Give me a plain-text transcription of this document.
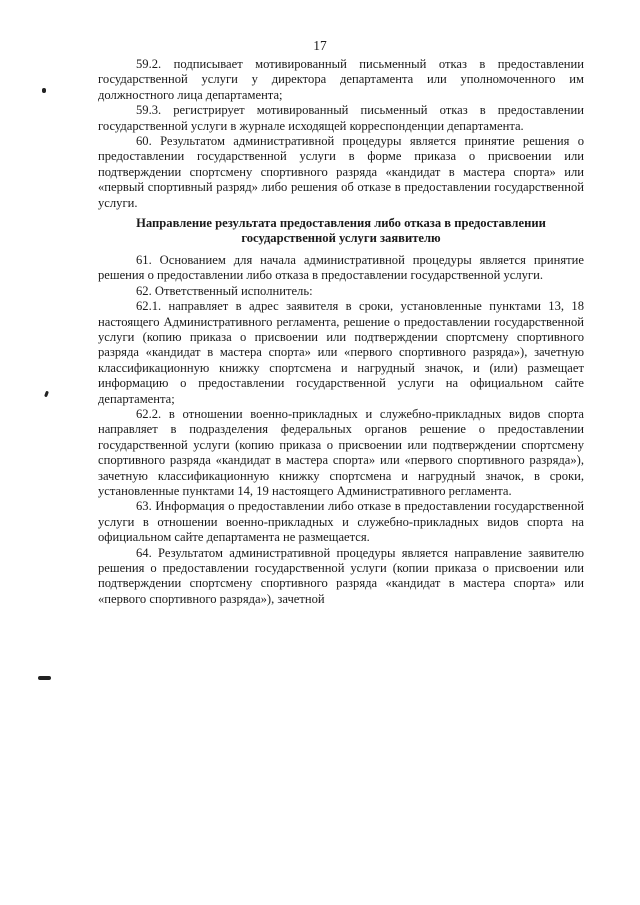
17

59.2. подписывает мотивированный письменный отказ в предоставлении государственной услуги у директора департамента или уполномоченного им должностного лица департамента;

59.3. регистрирует мотивированный письменный отказ в предоставлении государственной услуги в журнале исходящей корреспонденции департамента.

60. Результатом административной процедуры является принятие решения о предоставлении государственной услуги в форме приказа о присвоении или подтверждении спортсмену спортивного разряда «кандидат в мастера спорта» или «первый спортивный разряд» либо решения об отказе в предоставлении государственной услуги.

Направление результата предоставления либо отказа в предоставлении государственной услуги заявителю

61. Основанием для начала административной процедуры является принятие решения о предоставлении либо отказа в предоставлении государственной услуги.

62. Ответственный исполнитель:

62.1. направляет в адрес заявителя в сроки, установленные пунктами 13, 18 настоящего Административного регламента, решение о предоставлении государственной услуги (копию приказа о присвоении или подтверждении спортсмену спортивного разряда «кандидат в мастера спорта» или «первого спортивного разряда»), зачетную классификационную книжку спортсмена и нагрудный значок, и (или) размещает информацию о предоставлении государственной услуги на официальном сайте департамента;

62.2. в отношении военно-прикладных и служебно-прикладных видов спорта направляет в подразделения федеральных органов решение о предоставлении государственной услуги (копию приказа о присвоении или подтверждении спортсмену спортивного разряда «кандидат в мастера спорта» или «первого спортивного разряда»), зачетную классификационную книжку спортсмена и нагрудный значок, в сроки, установленные пунктами 14, 19 настоящего Административного регламента.

63. Информация о предоставлении либо отказе в предоставлении государственной услуги в отношении военно-прикладных и служебно-прикладных видов спорта на официальном сайте департамента не размещается.

64. Результатом административной процедуры является направление заявителю решения о предоставлении государственной услуги (копии приказа о присвоении или подтверждении спортсмену спортивного разряда «кандидат в мастера спорта» или «первого спортивного разряда»), зачетной
